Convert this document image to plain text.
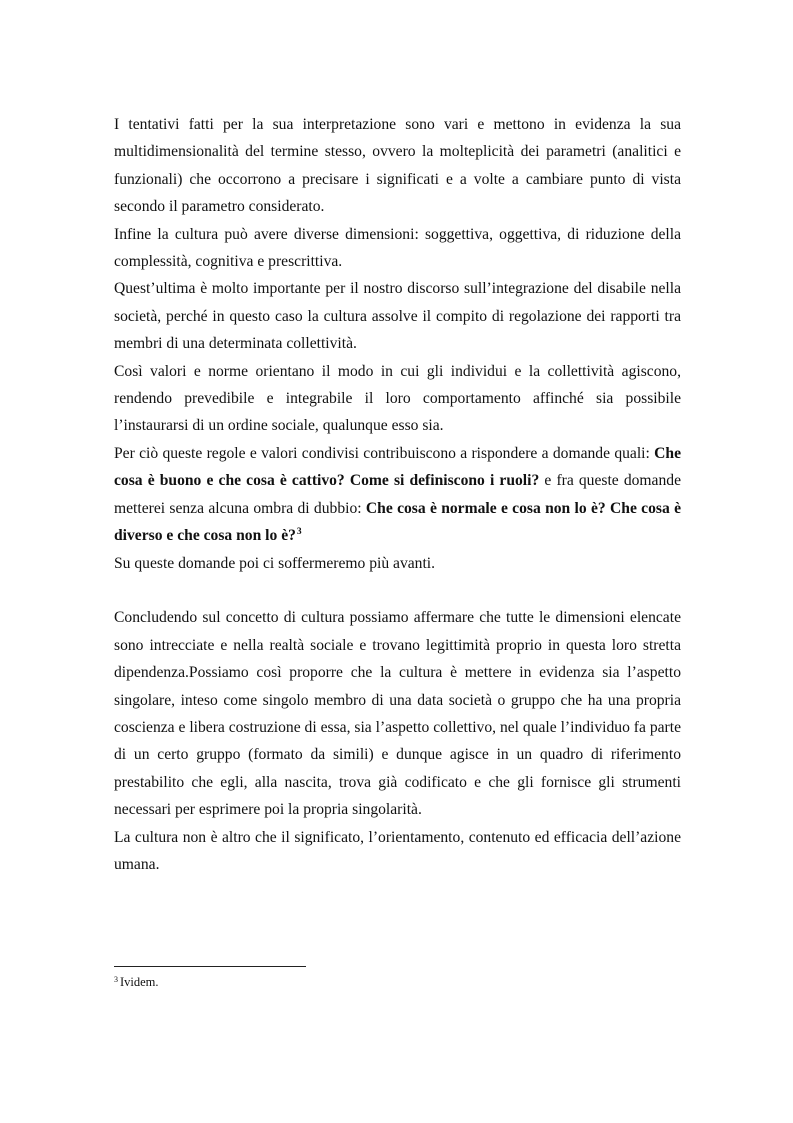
I tentativi fatti per la sua interpretazione sono vari e mettono in evidenza la sua multidimensionalità del termine stesso, ovvero la molteplicità dei parametri (analitici e funzionali) che occorrono a precisare i significati e a volte a cambiare punto di vista secondo il parametro considerato.

Infine la cultura può avere diverse dimensioni: soggettiva, oggettiva, di riduzione della complessità, cognitiva e prescrittiva.

Quest’ultima è molto importante per il nostro discorso sull’integrazione del disabile nella società, perché in questo caso la cultura assolve il compito di regolazione dei rapporti tra membri di una determinata collettività.

Così valori e norme orientano il modo in cui gli individui e la collettività agiscono, rendendo prevedibile e integrabile il loro comportamento affinché sia possibile l’instaurarsi di un ordine sociale, qualunque esso sia.

Per ciò queste regole e valori condivisi contribuiscono a rispondere a domande quali: Che cosa è buono e che cosa è cattivo? Come si definiscono i ruoli? e fra queste domande metterei senza alcuna ombra di dubbio: Che cosa è normale e cosa non lo è? Che cosa è diverso e che cosa non lo è?$^3$

Su queste domande poi ci soffermeremo più avanti.

Concludendo sul concetto di cultura possiamo affermare che tutte le dimensioni elencate sono intrecciate e nella realtà sociale e trovano legittimità proprio in questa loro stretta dipendenza.Possiamo così proporre che la cultura è mettere in evidenza sia l’aspetto singolare, inteso come singolo membro di una data società o gruppo che ha una propria coscienza e libera costruzione di essa, sia l’aspetto collettivo, nel quale l’individuo fa parte di un certo gruppo (formato da simili) e dunque agisce in un quadro di riferimento prestabilito che egli, alla nascita, trova già codificato e che gli fornisce gli strumenti necessari per esprimere poi la propria singolarità.

La cultura non è altro che il significato, l’orientamento, contenuto ed efficacia dell’azione umana.

$^3$ Ividem.
